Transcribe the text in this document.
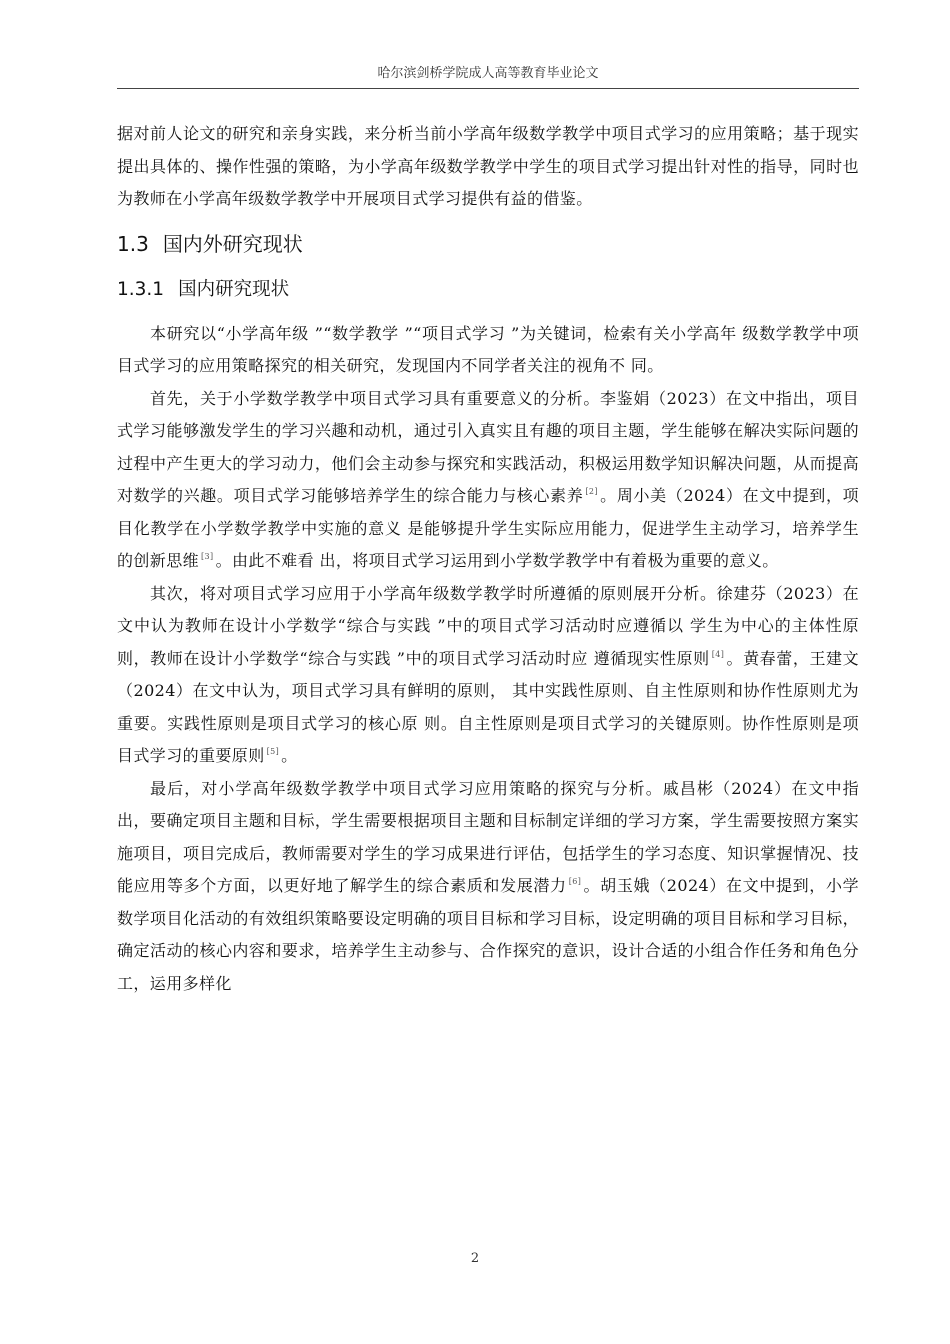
哈尔滨剑桥学院成人高等教育毕业论文

据对前人论文的研究和亲身实践，来分析当前小学高年级数学教学中项目式学习的应用策略；基于现实提出具体的、操作性强的策略，为小学高年级数学教学中学生的项目式学习提出针对性的指导，同时也为教师在小学高年级数学教学中开展项目式学习提供有益的借鉴。

1.3 国内外研究现状
1.3.1 国内研究现状

本研究以“小学高年级 ”“数学教学 ”“项目式学习 ”为关键词，检索有关小学高年 级数学教学中项目式学习的应用策略探究的相关研究，发现国内不同学者关注的视角不 同。

首先，关于小学数学教学中项目式学习具有重要意义的分析。李鉴娟（2023）在文中指出，项目式学习能够激发学生的学习兴趣和动机，通过引入真实且有趣的项目主题，学生能够在解决实际问题的过程中产生更大的学习动力，他们会主动参与探究和实践活动，积极运用数学知识解决问题，从而提高对数学的兴趣。项目式学习能够培养学生的综合能力与核心素养 [2] 。周小美（2024）在文中提到，项目化教学在小学数学教学中实施的意义 是能够提升学生实际应用能力，促进学生主动学习，培养学生的创新思维 [3] 。由此不难看 出，将项目式学习运用到小学数学教学中有着极为重要的意义。

其次，将对项目式学习应用于小学高年级数学教学时所遵循的原则展开分析。徐建芬（2023）在文中认为教师在设计小学数学“综合与实践 ”中的项目式学习活动时应遵循以 学生为中心的主体性原则，教师在设计小学数学“综合与实践 ”中的项目式学习活动时应 遵循现实性原则 [4] 。黄春蕾，王建文（2024）在文中认为，项目式学习具有鲜明的原则， 其中实践性原则、自主性原则和协作性原则尤为重要。实践性原则是项目式学习的核心原 则。自主性原则是项目式学习的关键原则。协作性原则是项目式学习的重要原则 [5] 。

最后，对小学高年级数学教学中项目式学习应用策略的探究与分析。戚昌彬（2024）在文中指出，要确定项目主题和目标，学生需要根据项目主题和目标制定详细的学习方案，学生需要按照方案实施项目，项目完成后，教师需要对学生的学习成果进行评估，包括学生的学习态度、知识掌握情况、技能应用等多个方面，以更好地了解学生的综合素质和发展潜力 [6] 。胡玉娥（2024）在文中提到，小学数学项目化活动的有效组织策略要设定明确的项目目标和学习目标，设定明确的项目目标和学习目标，确定活动的核心内容和要求，培养学生主动参与、合作探究的意识，设计合适的小组合作任务和角色分工，运用多样化

2
